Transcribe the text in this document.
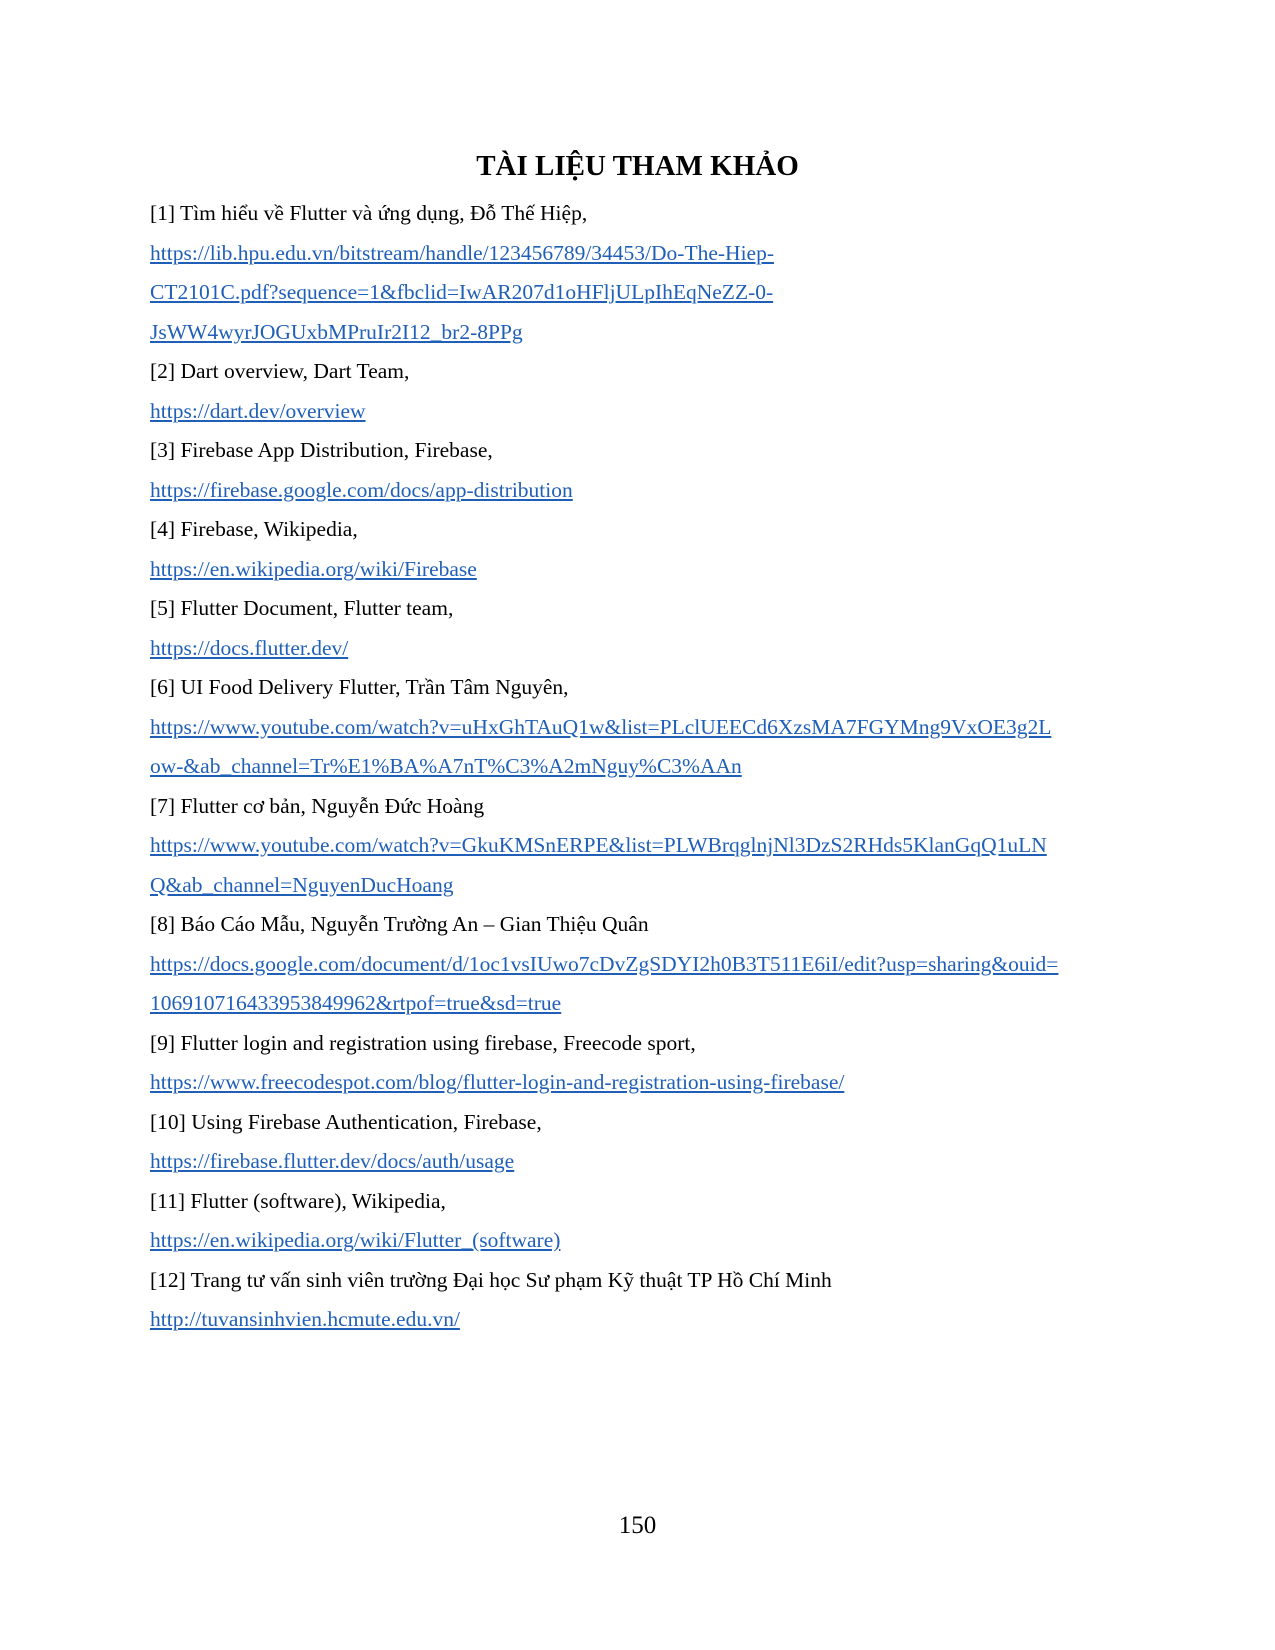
TÀI LIỆU THAM KHẢO
[1] Tìm hiểu về Flutter và ứng dụng, Đỗ Thế Hiệp,
https://lib.hpu.edu.vn/bitstream/handle/123456789/34453/Do-The-Hiep-
CT2101C.pdf?sequence=1&fbclid=IwAR207d1oHFljULpIhEqNeZZ-0-
JsWW4wyrJOGUxbMPruIr2I12_br2-8PPg
[2] Dart overview, Dart Team,
https://dart.dev/overview
[3] Firebase App Distribution, Firebase,
https://firebase.google.com/docs/app-distribution
[4] Firebase, Wikipedia,
https://en.wikipedia.org/wiki/Firebase
[5] Flutter Document, Flutter team,
https://docs.flutter.dev/
[6] UI Food Delivery Flutter, Trần Tâm Nguyên,
https://www.youtube.com/watch?v=uHxGhTAuQ1w&list=PLclUEECd6XzsMA7FGYMng9VxOE3g2L
ow-&ab_channel=Tr%E1%BA%A7nT%C3%A2mNguy%C3%AAn
[7] Flutter cơ bản, Nguyễn Đức Hoàng
https://www.youtube.com/watch?v=GkuKMSnERPE&list=PLWBrqglnjNl3DzS2RHds5KlanGqQ1uLN
Q&ab_channel=NguyenDucHoang
[8] Báo Cáo Mẫu, Nguyễn Trường An – Gian Thiệu Quân
https://docs.google.com/document/d/1oc1vsIUwo7cDvZgSDYI2h0B3T511E6iI/edit?usp=sharing&ouid=
106910716433953849962&rtpof=true&sd=true
[9] Flutter login and registration using firebase, Freecode sport,
https://www.freecodespot.com/blog/flutter-login-and-registration-using-firebase/
[10] Using Firebase Authentication, Firebase,
https://firebase.flutter.dev/docs/auth/usage
[11] Flutter (software), Wikipedia,
https://en.wikipedia.org/wiki/Flutter_(software)
[12] Trang tư vấn sinh viên trường Đại học Sư phạm Kỹ thuật TP Hồ Chí Minh
http://tuvansinhvien.hcmute.edu.vn/
150
